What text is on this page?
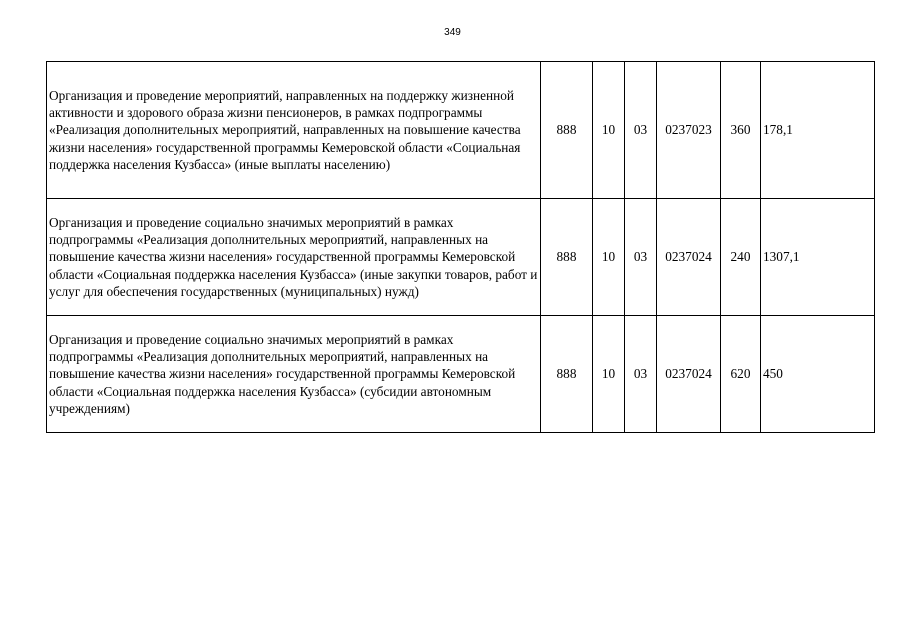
349
Организация и проведение мероприятий, направленных на поддержку жизненной активности и здорового образа жизни пенсионеров, в рамках подпрограммы «Реализация дополнительных мероприятий, направленных на повышение качества жизни населения» государственной программы Кемеровской области «Социальная поддержка населения Кузбасса» (иные выплаты населению)	888	10	03	0237023	360	178,1
Организация и проведение социально значимых мероприятий в рамках подпрограммы «Реализация дополнительных мероприятий, направленных на повышение качества жизни населения» государственной программы Кемеровской области «Социальная поддержка населения Кузбасса» (иные закупки товаров, работ и услуг для обеспечения государственных (муниципальных) нужд)	888	10	03	0237024	240	1307,1
Организация и проведение социально значимых мероприятий в рамках подпрограммы «Реализация дополнительных мероприятий, направленных на повышение качества жизни населения» государственной программы Кемеровской области «Социальная поддержка населения Кузбасса» (субсидии автономным учреждениям)	888	10	03	0237024	620	450
